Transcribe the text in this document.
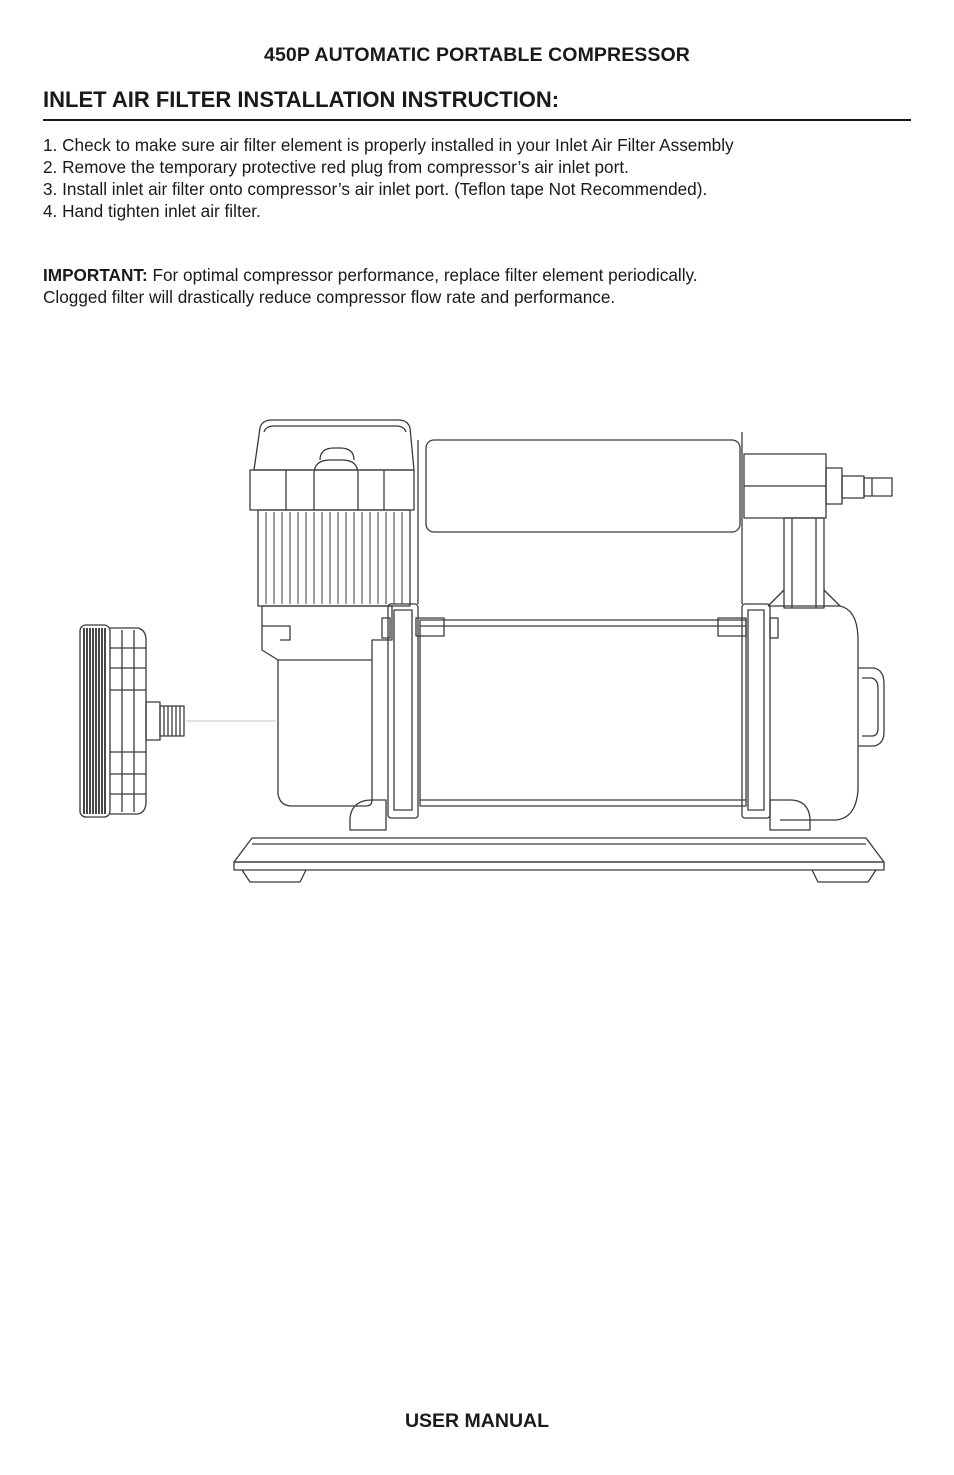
450P AUTOMATIC PORTABLE COMPRESSOR
INLET AIR FILTER INSTALLATION INSTRUCTION:
1. Check to make sure air filter element is properly installed in your Inlet Air Filter Assembly
2. Remove the temporary protective red plug from compressor’s air inlet port.
3. Install inlet air filter onto compressor’s air inlet port. (Teflon tape Not Recommended).
4. Hand tighten inlet air filter.
IMPORTANT: For optimal compressor performance, replace filter element periodically.
Clogged filter will drastically reduce compressor flow rate and performance.
USER MANUAL
